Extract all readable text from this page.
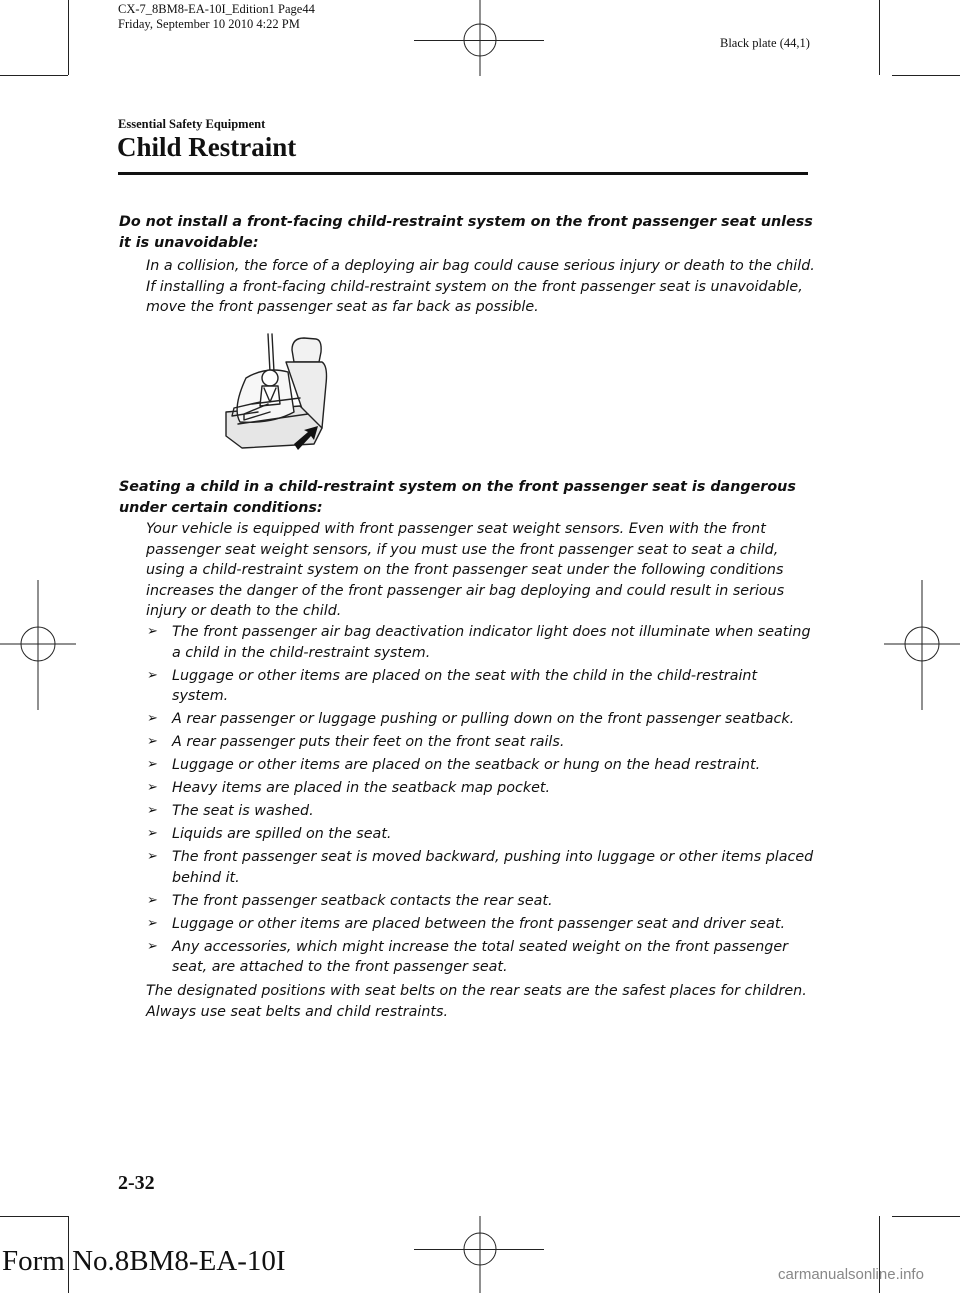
CX-7_8BM8-EA-10I_Edition1 Page44
Friday, September 10 2010 4:22 PM
Black plate (44,1)
Essential Safety Equipment
Child Restraint
Do not install a front-facing child-restraint system on the front passenger seat unless it is unavoidable:
In a collision, the force of a deploying air bag could cause serious injury or death to the child. If installing a front-facing child-restraint system on the front passenger seat is unavoidable, move the front passenger seat as far back as possible.
Seating a child in a child-restraint system on the front passenger seat is dangerous under certain conditions:
Your vehicle is equipped with front passenger seat weight sensors. Even with the front passenger seat weight sensors, if you must use the front passenger seat to seat a child, using a child-restraint system on the front passenger seat under the following conditions increases the danger of the front passenger air bag deploying and could result in serious injury or death to the child.
➢ The front passenger air bag deactivation indicator light does not illuminate when seating a child in the child-restraint system.
➢ Luggage or other items are placed on the seat with the child in the child-restraint system.
➢ A rear passenger or luggage pushing or pulling down on the front passenger seatback.
➢ A rear passenger puts their feet on the front seat rails.
➢ Luggage or other items are placed on the seatback or hung on the head restraint.
➢ Heavy items are placed in the seatback map pocket.
➢ The seat is washed.
➢ Liquids are spilled on the seat.
➢ The front passenger seat is moved backward, pushing into luggage or other items placed behind it.
➢ The front passenger seatback contacts the rear seat.
➢ Luggage or other items are placed between the front passenger seat and driver seat.
➢ Any accessories, which might increase the total seated weight on the front passenger seat, are attached to the front passenger seat.
The designated positions with seat belts on the rear seats are the safest places for children. Always use seat belts and child restraints.
2-32
Form No.8BM8-EA-10I	carmanualsonline.info
